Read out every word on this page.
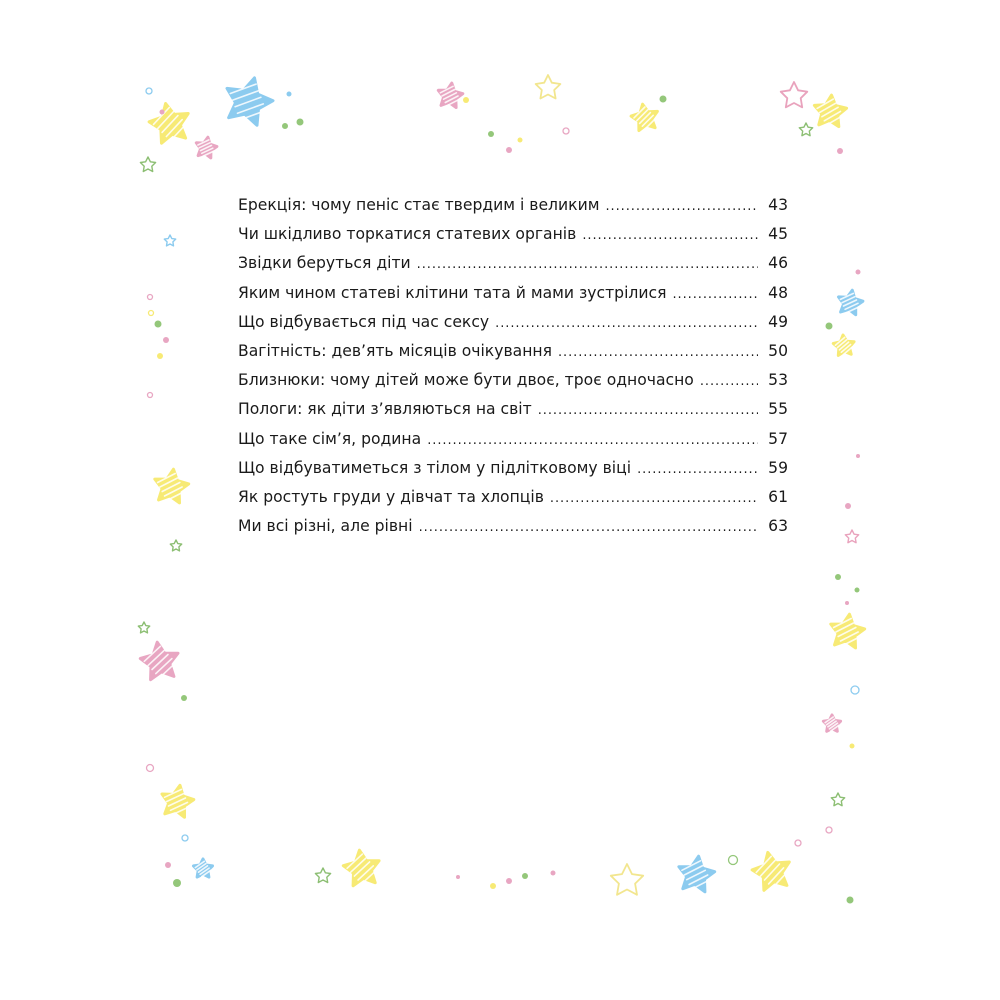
Ерекція: чому пеніс стає твердим і великим . . .	43
Чи шкідливо торкатися статевих органів . . .	45
Звідки беруться діти . . .	46
Яким чином статеві клітини тата й мами зустрілися . . .	48
Що відбувається під час сексу . . .	49
Вагітність: дев’ять місяців очікування . . .	50
Близнюки: чому дітей може бути двоє, троє одночасно . . .	53
Пологи: як діти з’являються на світ . . .	55
Що таке сім’я, родина . . .	57
Що відбуватиметься з тілом у підлітковому віці . . .	59
Як ростуть груди у дівчат та хлопців . . .	61
Ми всі різні, але рівні . . .	63
